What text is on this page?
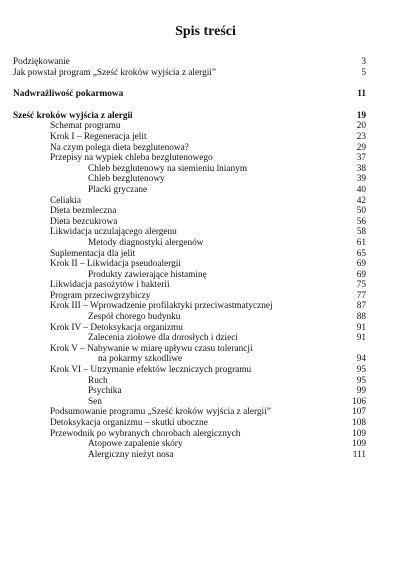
Spis treści
Podziękowanie	3
Jak powstał program „Sześć kroków wyjścia z alergii”	5
Nadwrażliwość pokarmowa	11
Sześć kroków wyjścia z alergii	19
Schemat programu	20
Krok I – Regeneracja jelit	23
Na czym polega dieta bezglutenowa?	29
Przepisy na wypiek chleba bezglutenowego	37
Chleb bezglutenowy na siemieniu lnianym	38
Chleb bezglutenowy	39
Placki gryczane	40
Celiakia	42
Dieta bezmleczna	50
Dieta bezcukrowa	56
Likwidacja uczulającego alergenu	58
Metody diagnostyki alergenów	61
Suplementacja dla jelit	65
Krok II – Likwidacja pseudoalergii	69
Produkty zawierające histaminę	69
Likwidacja pasożytów i bakterii	75
Program przeciwgrzybiczy	77
Krok III – Wprowadzenie profilaktyki przeciwastmatycznej	87
Zespół chorego budynku	88
Krok IV – Detoksykacja organizmu	91
Zalecenia ziołowe dla dorosłych i dzieci	91
Krok V – Nabywanie w miarę upływu czasu tolerancji
na pokarmy szkodliwe	94
Krok VI – Utrzymanie efektów leczniczych programu	95
Ruch	95
Psychika	99
Sen	106
Podsumowanie programu „Sześć kroków wyjścia z alergii”	107
Detoksykacja organizmu – skutki uboczne	108
Przewodnik po wybranych chorobach alergicznych	109
Atopowe zapalenie skóry	109
Alergiczny nieżyt nosa	111
